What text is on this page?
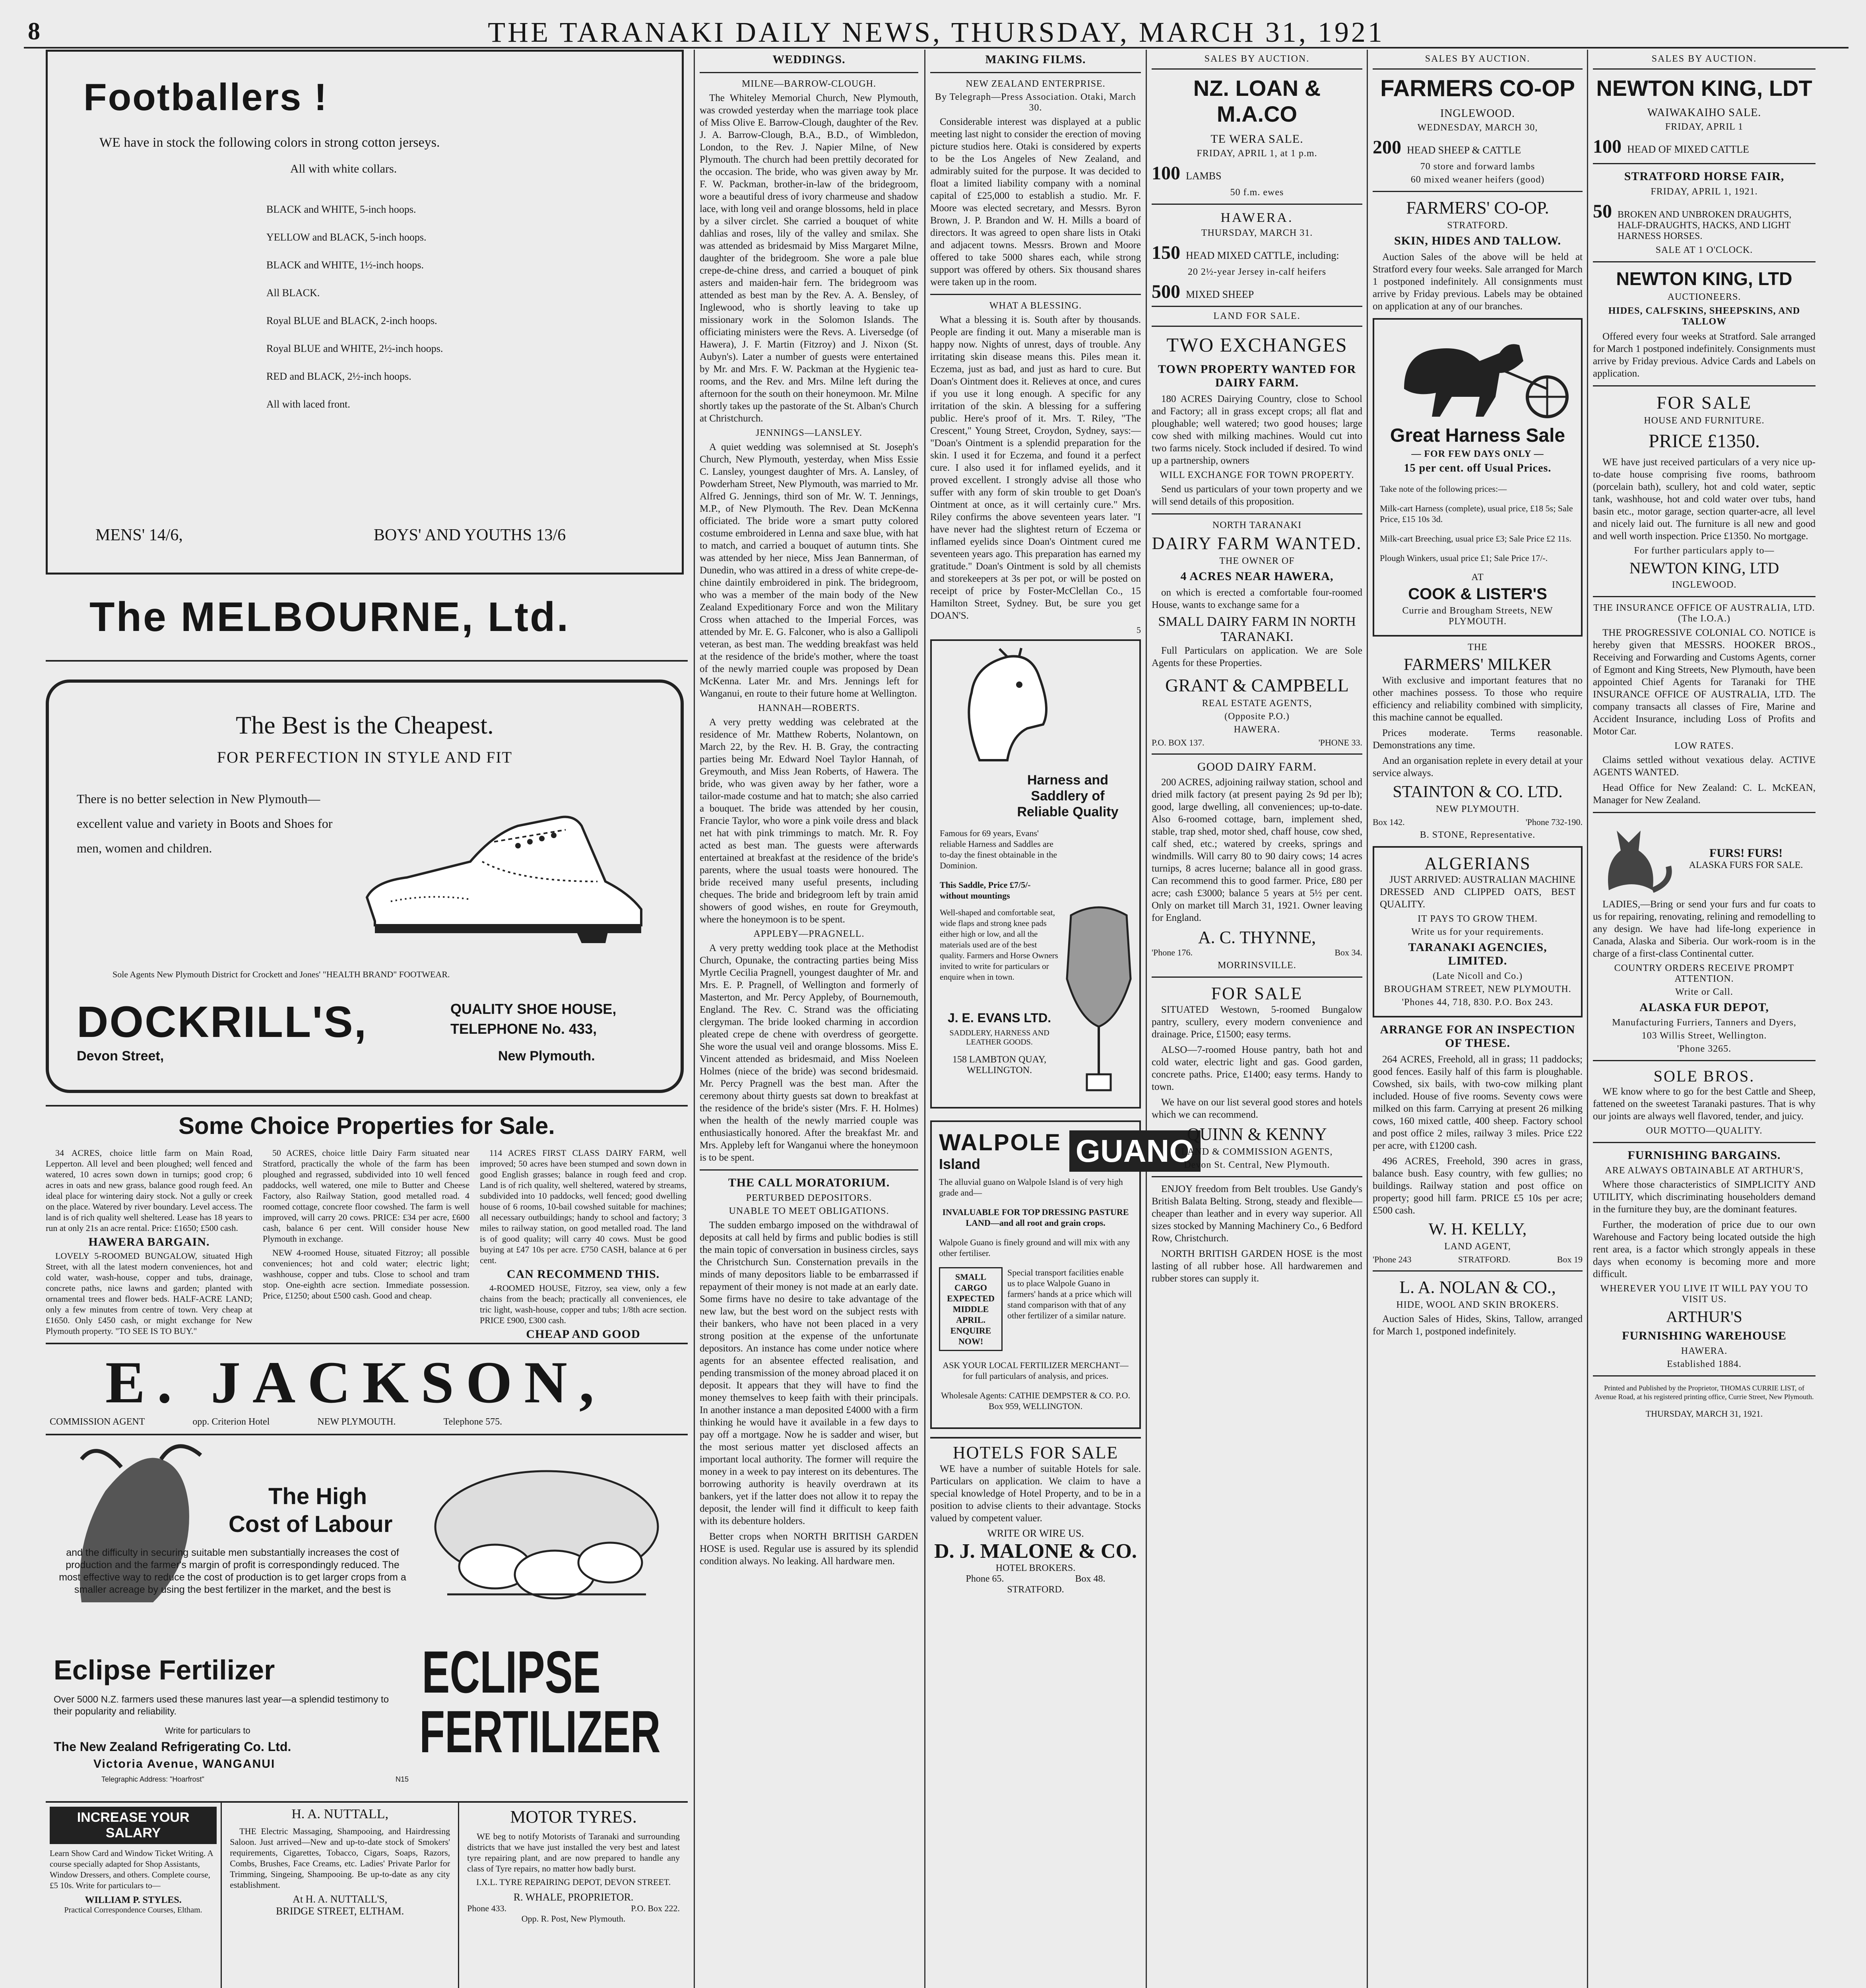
8	THE TARANAKI DAILY NEWS, THURSDAY, MARCH 31, 1921
Footballers !
WE have in stock the following colors in strong cotton jerseys.
All with white collars.

BLACK and WHITE, 5-inch hoops.

YELLOW and BLACK, 5-inch hoops.

BLACK and WHITE, 1½-inch hoops.

All BLACK.

Royal BLUE and BLACK, 2-inch hoops.

Royal BLUE and WHITE, 2½-inch hoops.

RED and BLACK, 2½-inch hoops.

All with laced front.

MENS' 14/6,	BOYS' AND YOUTHS 13/6
The MELBOURNE, Ltd.
The Best is the Cheapest.
FOR PERFECTION IN STYLE AND FIT
There is no better selection in New Plymouth—excellent value and variety in Boots and Shoes for men, women and children.
Sole Agents New Plymouth District for Crockett and Jones' "HEALTH BRAND" FOOTWEAR.
DOCKRILL'S,	QUALITY SHOE HOUSE,
TELEPHONE No. 433,
Devon Street,	New Plymouth.
Some Choice Properties for Sale.

34 ACRES, choice little farm on Main Road, Lepperton. All level and been ploughed; well fenced and watered, 10 acres sown down in turnips; good crop; 6 acres in oats and new grass, balance good rough feed. An ideal place for wintering dairy stock. Not a gully or creek on the place. Watered by river boundary. Level access. The land is of rich quality well sheltered. Lease has 18 years to run at only 21s an acre rental. Price: £1650; £500 cash.

HAWERA BARGAIN.

LOVELY 5-ROOMED BUNGALOW, situated High Street, with all the latest modern conveniences, hot and cold water, wash-house, copper and tubs, drainage, concrete paths, nice lawns and garden; planted with ornamental trees and flower beds. HALF-ACRE LAND; only a few minutes from centre of town. Very cheap at £1650. Only £450 cash, or might exchange for New Plymouth property. "TO SEE IS TO BUY."

50 ACRES, choice little Dairy Farm situated near Stratford, practically the whole of the farm has been ploughed and regrassed, subdivided into 10 well fenced paddocks, well watered, one mile to Butter and Cheese Factory, also Railway Station, good metalled road. 4 roomed cottage, concrete floor cowshed. The farm is well improved, will carry 20 cows. PRICE: £34 per acre, £600 cash, balance 6 per cent. Will consider house New Plymouth in exchange.

NEW 4-roomed House, situated Fitzroy; all possible conveniences; hot and cold water; electric light; washhouse, copper and tubs. Close to school and tram stop. One-eighth acre section. Immediate possession. Price, £1250; about £500 cash. Good and cheap.

114 ACRES FIRST CLASS DAIRY FARM, well improved; 50 acres have been stumped and sown down in good English grasses; balance in rough feed and crop. Land is of rich quality, well sheltered, watered by streams, subdivided into 10 paddocks, well fenced; good dwelling house of 6 rooms, 10-bail cowshed suitable for machines; all necessary outbuildings; handy to school and factory; 3 miles to railway station, on good metalled road. The land is of good quality; will carry 40 cows. Must be good buying at £47 10s per acre. £750 CASH, balance at 6 per cent.

CAN RECOMMEND THIS.

4-ROOMED HOUSE, Fitzroy, sea view, only a few chains from the beach; practically all conveniences, ele tric light, wash-house, copper and tubs; 1/8th acre section. PRICE £900, £300 cash.

CHEAP AND GOOD

E. JACKSON,
COMMISSION AGENT	opp. Criterion Hotel	NEW PLYMOUTH.	Telephone 575.
The High
Cost of Labour
and the difficulty in securing suitable men substantially increases the cost of production and the farmer's margin of profit is correspondingly reduced. The most effective way to reduce the cost of production is to get larger crops from a smaller acreage by using the best fertilizer in the market, and the best is
Eclipse Fertilizer
Over 5000 N.Z. farmers used these manures last year—a splendid testimony to their popularity and reliability.
Write for particulars to
The New Zealand Refrigerating Co. Ltd.
Victoria Avenue, WANGANUI
Telegraphic Address: "Hoarfrost"	N15
ECLIPSE FERTILIZER
INCREASE YOUR SALARY

Learn Show Card and Window Ticket Writing. A course specially adapted for Shop Assistants, Window Dressers, and others. Complete course, £5 10s. Write for particulars to—

WILLIAM P. STYLES.
Practical Correspondence Courses, Eltham.
H. A. NUTTALL,

THE Electric Massaging, Shampooing, and Hairdressing Saloon. Just arrived—New and up-to-date stock of Smokers' requirements, Cigarettes, Tobacco, Cigars, Soaps, Razors, Combs, Brushes, Face Creams, etc. Ladies' Private Parlor for Trimming, Singeing, Shampooing. Be up-to-date as any city establishment.

At H. A. NUTTALL'S,
BRIDGE STREET, ELTHAM.
MOTOR TYRES.

WE beg to notify Motorists of Taranaki and surrounding districts that we have just installed the very best and latest tyre repairing plant, and are now prepared to handle any class of Tyre repairs, no matter how badly burst.

I.X.L. TYRE REPAIRING DEPOT, DEVON STREET.
R. WHALE, PROPRIETOR.
Phone 433.	P.O. Box 222.
Opp. R. Post, New Plymouth.
WEDDINGS.
MILNE—BARROW-CLOUGH.

The Whiteley Memorial Church, New Plymouth, was crowded yesterday when the marriage took place of Miss Olive E. Barrow-Clough, daughter of the Rev. J. A. Barrow-Clough, B.A., B.D., of Wimbledon, London, to the Rev. J. Napier Milne, of New Plymouth. The church had been prettily decorated for the occasion. The bride, who was given away by Mr. F. W. Packman, brother-in-law of the bridegroom, wore a beautiful dress of ivory charmeuse and shadow lace, with long veil and orange blossoms, held in place by a silver circlet. She carried a bouquet of white dahlias and roses, lily of the valley and smilax. She was attended as bridesmaid by Miss Margaret Milne, daughter of the bridegroom. She wore a pale blue crepe-de-chine dress, and carried a bouquet of pink asters and maiden-hair fern. The bridegroom was attended as best man by the Rev. A. A. Bensley, of Inglewood, who is shortly leaving to take up missionary work in the Solomon Islands. The officiating ministers were the Revs. A. Liversedge (of Hawera), J. F. Martin (Fitzroy) and J. Nixon (St. Aubyn's). Later a number of guests were entertained by Mr. and Mrs. F. W. Packman at the Hygienic tea-rooms, and the Rev. and Mrs. Milne left during the afternoon for the south on their honeymoon. Mr. Milne shortly takes up the pastorate of the St. Alban's Church at Christchurch.

JENNINGS—LANSLEY.

A quiet wedding was solemnised at St. Joseph's Church, New Plymouth, yesterday, when Miss Essie C. Lansley, youngest daughter of Mrs. A. Lansley, of Powderham Street, New Plymouth, was married to Mr. Alfred G. Jennings, third son of Mr. W. T. Jennings, M.P., of New Plymouth. The Rev. Dean McKenna officiated. The bride wore a smart putty colored costume embroidered in Lenna and saxe blue, with hat to match, and carried a bouquet of autumn tints. She was attended by her niece, Miss Jean Bannerman, of Dunedin, who was attired in a dress of white crepe-de-chine daintily embroidered in pink. The bridegroom, who was a member of the main body of the New Zealand Expeditionary Force and won the Military Cross when attached to the Imperial Forces, was attended by Mr. E. G. Falconer, who is also a Gallipoli veteran, as best man. The wedding breakfast was held at the residence of the bride's mother, where the toast of the newly married couple was proposed by Dean McKenna. Later Mr. and Mrs. Jennings left for Wanganui, en route to their future home at Wellington.

HANNAH—ROBERTS.

A very pretty wedding was celebrated at the residence of Mr. Matthew Roberts, Nolantown, on March 22, by the Rev. H. B. Gray, the contracting parties being Mr. Edward Noel Taylor Hannah, of Greymouth, and Miss Jean Roberts, of Hawera. The bride, who was given away by her father, wore a tailor-made costume and hat to match; she also carried a bouquet. The bride was attended by her cousin, Francie Taylor, who wore a pink voile dress and black net hat with pink trimmings to match. Mr. R. Foy acted as best man. The guests were afterwards entertained at breakfast at the residence of the bride's parents, where the usual toasts were honoured. The bride received many useful presents, including cheques. The bride and bridegroom left by train amid showers of good wishes, en route for Greymouth, where the honeymoon is to be spent.

APPLEBY—PRAGNELL.

A very pretty wedding took place at the Methodist Church, Opunake, the contracting parties being Miss Myrtle Cecilia Pragnell, youngest daughter of Mr. and Mrs. E. P. Pragnell, of Wellington and formerly of Masterton, and Mr. Percy Appleby, of Bournemouth, England. The Rev. C. Strand was the officiating clergyman. The bride looked charming in accordion pleated crepe de chene with overdress of georgette. She wore the usual veil and orange blossoms. Miss E. Vincent attended as bridesmaid, and Miss Noeleen Holmes (niece of the bride) was second bridesmaid. Mr. Percy Pragnell was the best man. After the ceremony about thirty guests sat down to breakfast at the residence of the bride's sister (Mrs. F. H. Holmes) when the health of the newly married couple was enthusiastically honored. After the breakfast Mr. and Mrs. Appleby left for Wanganui where the honeymoon is to be spent.

THE CALL MORATORIUM.
PERTURBED DEPOSITORS.
UNABLE TO MEET OBLIGATIONS.

The sudden embargo imposed on the withdrawal of deposits at call held by firms and public bodies is still the main topic of conversation in business circles, says the Christchurch Sun. Consternation prevails in the minds of many depositors liable to be embarrassed if repayment of their money is not made at an early date. Some firms have no desire to take advantage of the new law, but the best word on the subject rests with their bankers, who have not been placed in a very strong position at the expense of the unfortunate depositors. An instance has come under notice where agents for an absentee effected realisation, and pending transmission of the money abroad placed it on deposit. It appears that they will have to find the money themselves to keep faith with their principals. In another instance a man deposited £4000 with a firm thinking he would have it available in a few days to pay off a mortgage. Now he is sadder and wiser, but the most serious matter yet disclosed affects an important local authority. The former will require the money in a week to pay interest on its debentures. The borrowing authority is heavily overdrawn at its bankers, yet if the latter does not allow it to repay the deposit, the lender will find it difficult to keep faith with its debenture holders.

Better crops when NORTH BRITISH GARDEN HOSE is used. Regular use is assured by its splendid condition always. No leaking. All hardware men.

MAKING FILMS.
NEW ZEALAND ENTERPRISE.
By Telegraph—Press Association. Otaki, March 30.

Considerable interest was displayed at a public meeting last night to consider the erection of moving picture studios here. Otaki is considered by experts to be the Los Angeles of New Zealand, and admirably suited for the purpose. It was decided to float a limited liability company with a nominal capital of £25,000 to establish a studio. Mr. F. Moore was elected secretary, and Messrs. Byron Brown, J. P. Brandon and W. H. Mills a board of directors. It was agreed to open share lists in Otaki and adjacent towns. Messrs. Brown and Moore offered to take 5000 shares each, while strong support was offered by others. Six thousand shares were taken up in the room.

WHAT A BLESSING.

What a blessing it is. South after by thousands. People are finding it out. Many a miserable man is happy now. Nights of unrest, days of trouble. Any irritating skin disease means this. Piles mean it. Eczema, just as bad, and just as hard to cure. But Doan's Ointment does it. Relieves at once, and cures if you use it long enough. A specific for any irritation of the skin. A blessing for a suffering public. Here's proof of it. Mrs. T. Riley, "The Crescent," Young Street, Croydon, Sydney, says:— "Doan's Ointment is a splendid preparation for the skin. I used it for Eczema, and found it a perfect cure. I also used it for inflamed eyelids, and it proved excellent. I strongly advise all those who suffer with any form of skin trouble to get Doan's Ointment at once, as it will certainly cure." Mrs. Riley confirms the above seventeen years later. "I have never had the slightest return of Eczema or inflamed eyelids since Doan's Ointment cured me seventeen years ago. This preparation has earned my gratitude." Doan's Ointment is sold by all chemists and storekeepers at 3s per pot, or will be posted on receipt of price by Foster-McClellan Co., 15 Hamilton Street, Sydney. But, be sure you get DOAN'S.

5
Harness and Saddlery of Reliable Quality
Famous for 69 years, Evans' reliable Harness and Saddles are to-day the finest obtainable in the Dominion.
This Saddle, Price £7/5/- without mountings
Well-shaped and comfortable seat, wide flaps and strong knee pads either high or low, and all the materials used are of the best quality. Farmers and Horse Owners invited to write for particulars or enquire when in town.
J. E. EVANS LTD.
SADDLERY, HARNESS AND LEATHER GOODS.
158 LAMBTON QUAY, WELLINGTON.
WALPOLE
Island	GUANO

The alluvial guano on Walpole Island is of very high grade and—

INVALUABLE FOR TOP DRESSING PASTURE LAND—and all root and grain crops.

Walpole Guano is finely ground and will mix with any other fertiliser.

SMALL CARGO EXPECTED MIDDLE APRIL. ENQUIRE NOW!

Special transport facilities enable us to place Walpole Guano in farmers' hands at a price which will stand comparison with that of any other fertilizer of a similar nature.

ASK YOUR LOCAL FERTILIZER MERCHANT—for full particulars of analysis, and prices.

Wholesale Agents: CATHIE DEMPSTER & CO. P.O. Box 959, WELLINGTON.

HOTELS FOR SALE

WE have a number of suitable Hotels for sale. Particulars on application. We claim to have a special knowledge of Hotel Property, and to be in a position to advise clients to their advantage. Stocks valued by competent valuer.

WRITE OR WIRE US.
D. J. MALONE & CO.
HOTEL BROKERS.
Phone 65.	Box 48.
STRATFORD.
SALES BY AUCTION.
NZ. LOAN & M.A.CO
TE WERA SALE.
FRIDAY, APRIL 1, at 1 p.m.
100 LAMBS
50 f.m. ewes
HAWERA.
THURSDAY, MARCH 31.
150 HEAD MIXED CATTLE, including:
20 2½-year Jersey in-calf heifers
500 MIXED SHEEP
LAND FOR SALE.
TWO EXCHANGES
TOWN PROPERTY WANTED FOR DAIRY FARM.

180 ACRES Dairying Country, close to School and Factory; all in grass except crops; all flat and ploughable; well watered; two good houses; large cow shed with milking machines. Would cut into two farms nicely. Stock included if desired. To wind up a partnership, owners

WILL EXCHANGE FOR TOWN PROPERTY.

Send us particulars of your town property and we will send details of this proposition.

NORTH TARANAKI
DAIRY FARM WANTED.
THE OWNER OF
4 ACRES NEAR HAWERA,

on which is erected a comfortable four-roomed House, wants to exchange same for a

SMALL DAIRY FARM IN NORTH TARANAKI.

Full Particulars on application. We are Sole Agents for these Properties.

GRANT & CAMPBELL
REAL ESTATE AGENTS,
(Opposite P.O.)
HAWERA.
P.O. BOX 137.	'PHONE 33.
GOOD DAIRY FARM.

200 ACRES, adjoining railway station, school and dried milk factory (at present paying 2s 9d per lb); good, large dwelling, all conveniences; up-to-date. Also 6-roomed cottage, barn, implement shed, stable, trap shed, motor shed, chaff house, cow shed, calf shed, etc.; watered by creeks, springs and windmills. Will carry 80 to 90 dairy cows; 14 acres turnips, 8 acres lucerne; balance all in good grass. Can recommend this to good farmer. Price, £80 per acre; cash £3000; balance 5 years at 5½ per cent. Only on market till March 31, 1921. Owner leaving for England.

A. C. THYNNE,
'Phone 176.	Box 34.
MORRINSVILLE.
FOR SALE

SITUATED Westown, 5-roomed Bungalow pantry, scullery, every modern convenience and drainage. Price, £1500; easy terms.

ALSO—7-roomed House pantry, bath hot and cold water, electric light and gas. Good garden, concrete paths. Price, £1400; easy terms. Handy to town.

We have on our list several good stores and hotels which we can recommend.

QUINN & KENNY
LAND & COMMISSION AGENTS,
Devon St. Central, New Plymouth.

ENJOY freedom from Belt troubles. Use Gandy's British Balata Belting. Strong, steady and flexible—cheaper than leather and in every way superior. All sizes stocked by Manning Machinery Co., 6 Bedford Row, Christchurch.

NORTH BRITISH GARDEN HOSE is the most lasting of all rubber hose. All hardwaremen and rubber stores can supply it.

SALES BY AUCTION.
FARMERS CO-OP
INGLEWOOD.
WEDNESDAY, MARCH 30,
200 HEAD SHEEP & CATTLE
70 store and forward lambs
60 mixed weaner heifers (good)
FARMERS' CO-OP.
STRATFORD.
SKIN, HIDES AND TALLOW.

Auction Sales of the above will be held at Stratford every four weeks. Sale arranged for March 1 postponed indefinitely. All consignments must arrive by Friday previous. Labels may be obtained on application at any of our branches.

Great Harness Sale
— FOR FEW DAYS ONLY —
15 per cent. off Usual Prices.

Take note of the following prices:—

Milk-cart Harness (complete), usual price, £18 5s; Sale Price, £15 10s 3d.

Milk-cart Breeching, usual price £3; Sale Price £2 11s.

Plough Winkers, usual price £1; Sale Price 17/-.

AT
COOK & LISTER'S
Currie and Brougham Streets, NEW PLYMOUTH.
THE
FARMERS' MILKER

With exclusive and important features that no other machines possess. To those who require efficiency and reliability combined with simplicity, this machine cannot be equalled.

Prices moderate. Terms reasonable. Demonstrations any time.

And an organisation replete in every detail at your service always.

STAINTON & CO. LTD.
NEW PLYMOUTH.
Box 142.	'Phone 732-190.
B. STONE, Representative.
ALGERIANS

JUST ARRIVED: AUSTRALIAN MACHINE DRESSED AND CLIPPED OATS, BEST QUALITY.

IT PAYS TO GROW THEM.
Write us for your requirements.
TARANAKI AGENCIES, LIMITED.
(Late Nicoll and Co.)
BROUGHAM STREET, NEW PLYMOUTH.
'Phones 44, 718, 830. P.O. Box 243.
ARRANGE FOR AN INSPECTION OF THESE.

264 ACRES, Freehold, all in grass; 11 paddocks; good fences. Easily half of this farm is ploughable. Cowshed, six bails, with two-cow milking plant included. House of five rooms. Seventy cows were milked on this farm. Carrying at present 26 milking cows, 160 mixed cattle, 400 sheep. Factory school and post office 2 miles, railway 3 miles. Price £22 per acre, with £1200 cash.

496 ACRES, Freehold, 390 acres in grass, balance bush. Easy country, with few gullies; no buildings. Railway station and post office on property; good hill farm. PRICE £5 10s per acre; £500 cash.

W. H. KELLY,
LAND AGENT,
'Phone 243	STRATFORD.	Box 19
L. A. NOLAN & CO.,
HIDE, WOOL AND SKIN BROKERS.

Auction Sales of Hides, Skins, Tallow, arranged for March 1, postponed indefinitely.

SALES BY AUCTION.
NEWTON KING, LDT
WAIWAKAIHO SALE.
FRIDAY, APRIL 1
100 HEAD OF MIXED CATTLE
STRATFORD HORSE FAIR,
FRIDAY, APRIL 1, 1921.
50 BROKEN AND UNBROKEN DRAUGHTS, HALF-DRAUGHTS, HACKS, AND LIGHT HARNESS HORSES.
SALE AT 1 O'CLOCK.
NEWTON KING, LTD
AUCTIONEERS.
HIDES, CALFSKINS, SHEEPSKINS, AND TALLOW

Offered every four weeks at Stratford. Sale arranged for March 1 postponed indefinitely. Consignments must arrive by Friday previous. Advice Cards and Labels on application.

FOR SALE
HOUSE AND FURNITURE.
PRICE £1350.

WE have just received particulars of a very nice up-to-date house comprising five rooms, bathroom (porcelain bath), scullery, hot and cold water, septic tank, washhouse, hot and cold water over tubs, hand basin etc., motor garage, section quarter-acre, all level and nicely laid out. The furniture is all new and good and well worth inspection. Price £1350. No mortgage.

For further particulars apply to—
NEWTON KING, LTD
INGLEWOOD.
THE INSURANCE OFFICE OF AUSTRALIA, LTD. (The I.O.A.)

THE PROGRESSIVE COLONIAL CO. NOTICE is hereby given that MESSRS. HOOKER BROS., Receiving and Forwarding and Customs Agents, corner of Egmont and King Streets, New Plymouth, have been appointed Chief Agents for Taranaki for THE INSURANCE OFFICE OF AUSTRALIA, LTD. The company transacts all classes of Fire, Marine and Accident Insurance, including Loss of Profits and Motor Car.

LOW RATES.

Claims settled without vexatious delay. ACTIVE AGENTS WANTED.

Head Office for New Zealand: C. L. McKEAN, Manager for New Zealand.

FURS! FURS!
ALASKA FURS FOR SALE.

LADIES,—Bring or send your furs and fur coats to us for repairing, renovating, relining and remodelling to any design. We have had life-long experience in Canada, Alaska and Siberia. Our work-room is in the charge of a first-class Continental cutter.

COUNTRY ORDERS RECEIVE PROMPT ATTENTION.
Write or Call.
ALASKA FUR DEPOT,
Manufacturing Furriers, Tanners and Dyers,
103 Willis Street, Wellington.
'Phone 3265.
SOLE BROS.

WE know where to go for the best Cattle and Sheep, fattened on the sweetest Taranaki pastures. That is why our joints are always well flavored, tender, and juicy.

OUR MOTTO—QUALITY.
FURNISHING BARGAINS.
ARE ALWAYS OBTAINABLE AT ARTHUR'S,

Where those characteristics of SIMPLICITY AND UTILITY, which discriminating householders demand in the furniture they buy, are the dominant features.

Further, the moderation of price due to our own Warehouse and Factory being located outside the high rent area, is a factor which strongly appeals in these days when economy is becoming more and more difficult.

WHEREVER YOU LIVE IT WILL PAY YOU TO VISIT US.
ARTHUR'S
FURNISHING WAREHOUSE
HAWERA.
Established 1884.

Printed and Published by the Proprietor, THOMAS CURRIE LIST, of Avenue Road, at his registered printing office, Currie Street, New Plymouth.

THURSDAY, MARCH 31, 1921.
